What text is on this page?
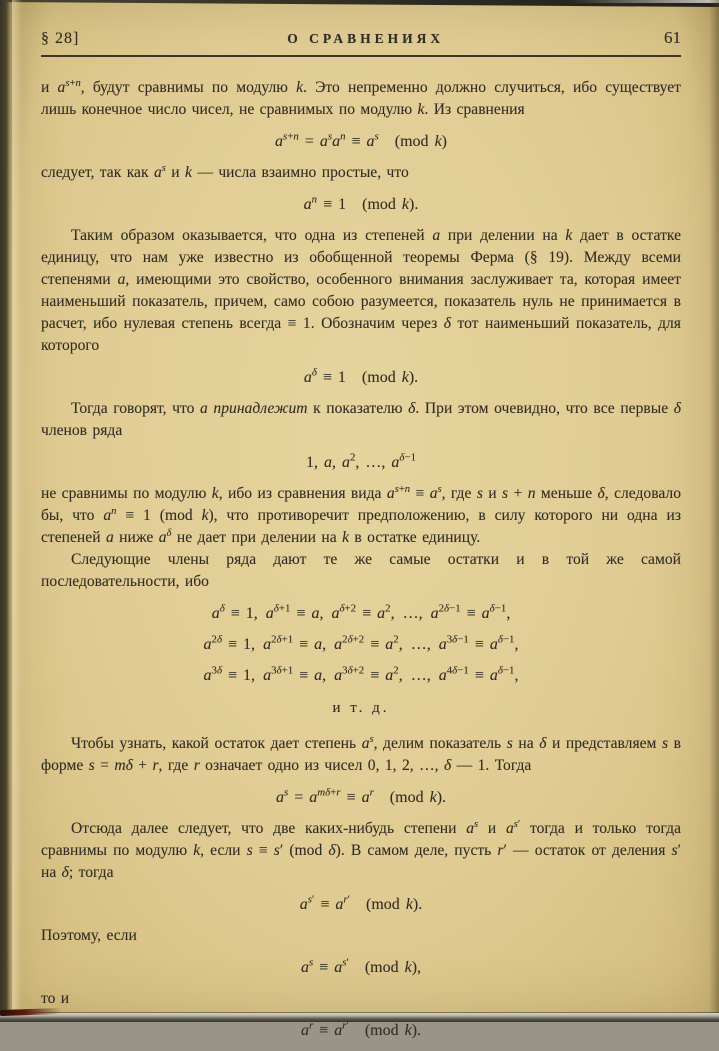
§ 28]	О СРАВНЕНИЯХ	61
и $a^{s+n}$, будут сравнимы по модулю k. Это непременно должно случиться, ибо существует лишь конечное число чисел, не сравнимых по модулю k. Из сравнения
$a^{s+n} = a^sa^n \equiv a^s$ (mod k)
следует, так как $a^s$ и k — числа взаимно простые, что
$a^n \equiv 1$ (mod k).
Таким образом оказывается, что одна из степеней a при делении на k дает в остатке единицу, что нам уже известно из обобщенной теоремы Ферма (§ 19). Между всеми степенями a, имеющими это свойство, особенного внимания заслуживает та, которая имеет наименьший показатель, причем, само собою разумеется, показатель нуль не принимается в расчет, ибо нулевая степень всегда ≡ 1. Обозначим через δ тот наименьший показатель, для которого
$a^\delta \equiv 1$ (mod k).
Тогда говорят, что a принадлежит к показателю δ. При этом очевидно, что все первые δ членов ряда
1, a, $a^2$, …, $a^{\delta-1}$
не сравнимы по модулю k, ибо из сравнения вида $a^{s+n} \equiv a^s$, где s и s + n меньше δ, следовало бы, что $a^n \equiv 1$ (mod k), что противоречит предположению, в силу которого ни одна из степеней a ниже $a^\delta$ не дает при делении на k в остатке единицу.
Следующие члены ряда дают те же самые остатки и в той же самой последовательности, ибо
$a^\delta \equiv 1$, $a^{\delta+1} \equiv a$, $a^{\delta+2} \equiv a^2$, …, $a^{2\delta-1} \equiv a^{\delta-1}$,
$a^{2\delta} \equiv 1$, $a^{2\delta+1} \equiv a$, $a^{2\delta+2} \equiv a^2$, …, $a^{3\delta-1} \equiv a^{\delta-1}$,
$a^{3\delta} \equiv 1$, $a^{3\delta+1} \equiv a$, $a^{3\delta+2} \equiv a^2$, …, $a^{4\delta-1} \equiv a^{\delta-1}$,
и т. д.
Чтобы узнать, какой остаток дает степень $a^s$, делим показатель s на δ и представляем s в форме s = mδ + r, где r означает одно из чисел 0, 1, 2, …, δ — 1. Тогда
$a^s = a^{m\delta+r} \equiv a^r$ (mod k).
Отсюда далее следует, что две каких-нибудь степени $a^s$ и $a^{s'}$ тогда и только тогда сравнимы по модулю k, если s ≡ s′ (mod δ). В самом деле, пусть r′ — остаток от деления s′ на δ; тогда
$a^{s'} \equiv a^{r'}$ (mod k).
Поэтому, если
$a^s \equiv a^{s'}$ (mod k),
то и
$a^r \equiv a^{r'}$ (mod k).
